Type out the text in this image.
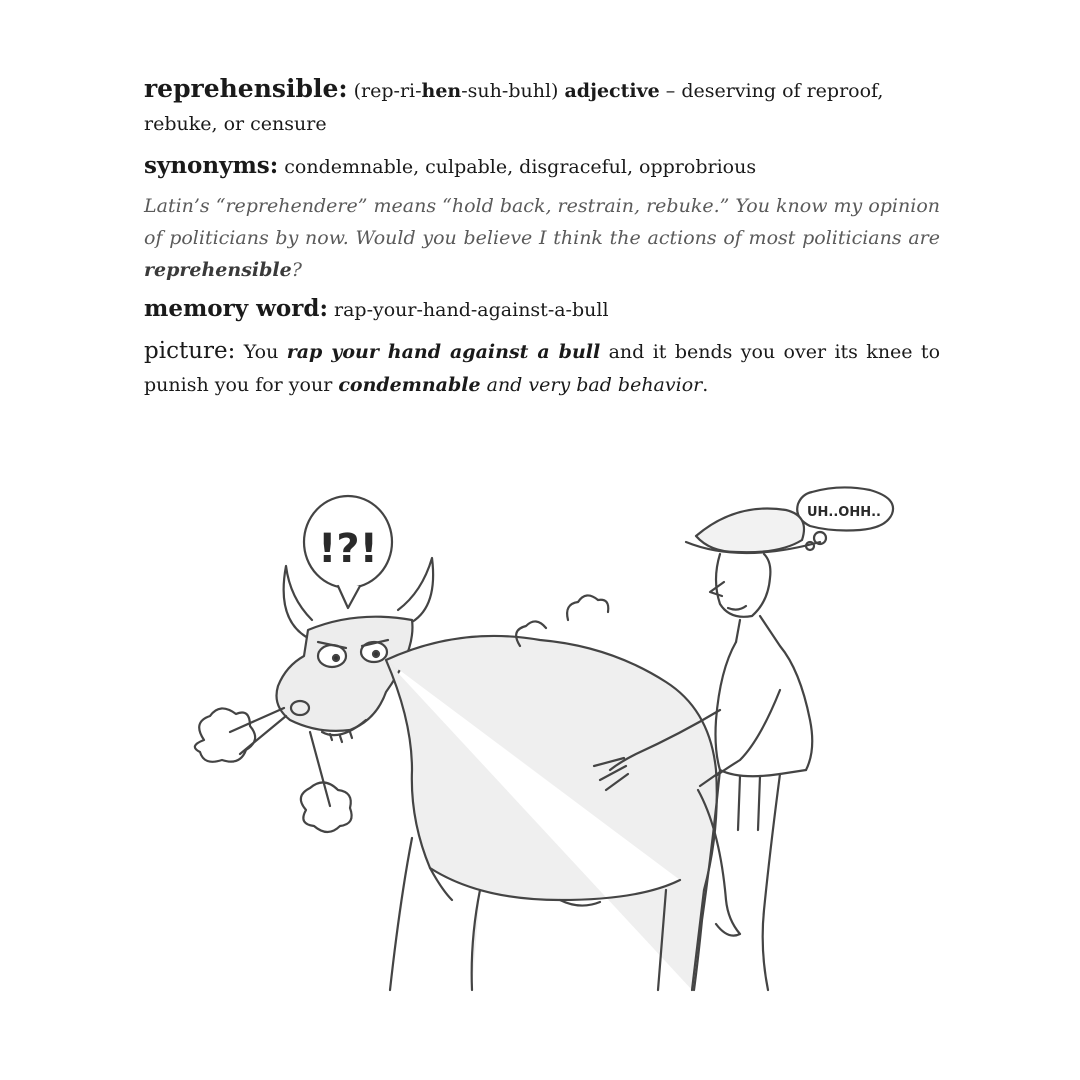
reprehensible: (rep-ri-hen-suh-buhl) adjective – deserving of reproof, rebuke, or censure

synonyms: condemnable, culpable, disgraceful, opprobrious

Latin’s “reprehendere” means “hold back, restrain, rebuke.” You know my opinion of politicians by now. Would you believe I think the actions of most politicians are reprehensible?

memory word: rap-your-hand-against-a-bull

picture: You rap your hand against a bull and it bends you over its knee to punish you for your condemnable and very bad behavior.

!?!
UH..OHH..
